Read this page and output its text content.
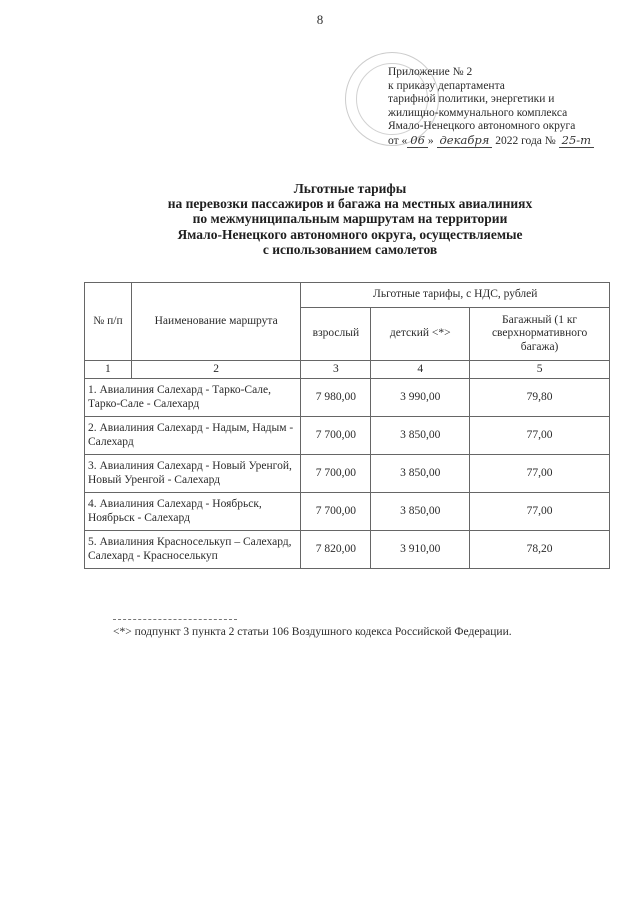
8
Приложение № 2
к приказу департамента
тарифной политики, энергетики и
жилищно-коммунального комплекса
Ямало-Ненецкого автономного округа
от « 06 » декабря 2022 года № 25-т
Льготные тарифы
на перевозки пассажиров и багажа на местных авиалиниях
по межмуниципальным маршрутам на территории
Ямало-Ненецкого автономного округа, осуществляемые
с использованием самолетов
№ п/п	Наименование маршрута	Льготные тарифы, с НДС, рублей		
		взрослый	детский <*>	Багажный (1 кг сверхнормативного багажа)
1	2	3	4	5
1. Авиалиния Салехард - Тарко-Сале, Тарко-Сале - Салехард		7 980,00	3 990,00	79,80
2. Авиалиния Салехард - Надым, Надым - Салехард		7 700,00	3 850,00	77,00
3. Авиалиния Салехард - Новый Уренгой, Новый Уренгой - Салехард		7 700,00	3 850,00	77,00
4. Авиалиния Салехард - Ноябрьск, Ноябрьск - Салехард		7 700,00	3 850,00	77,00
5. Авиалиния Красноселькуп – Салехард, Салехард - Красноселькуп		7 820,00	3 910,00	78,20
<*> подпункт 3 пункта 2 статьи 106 Воздушного кодекса Российской Федерации.
